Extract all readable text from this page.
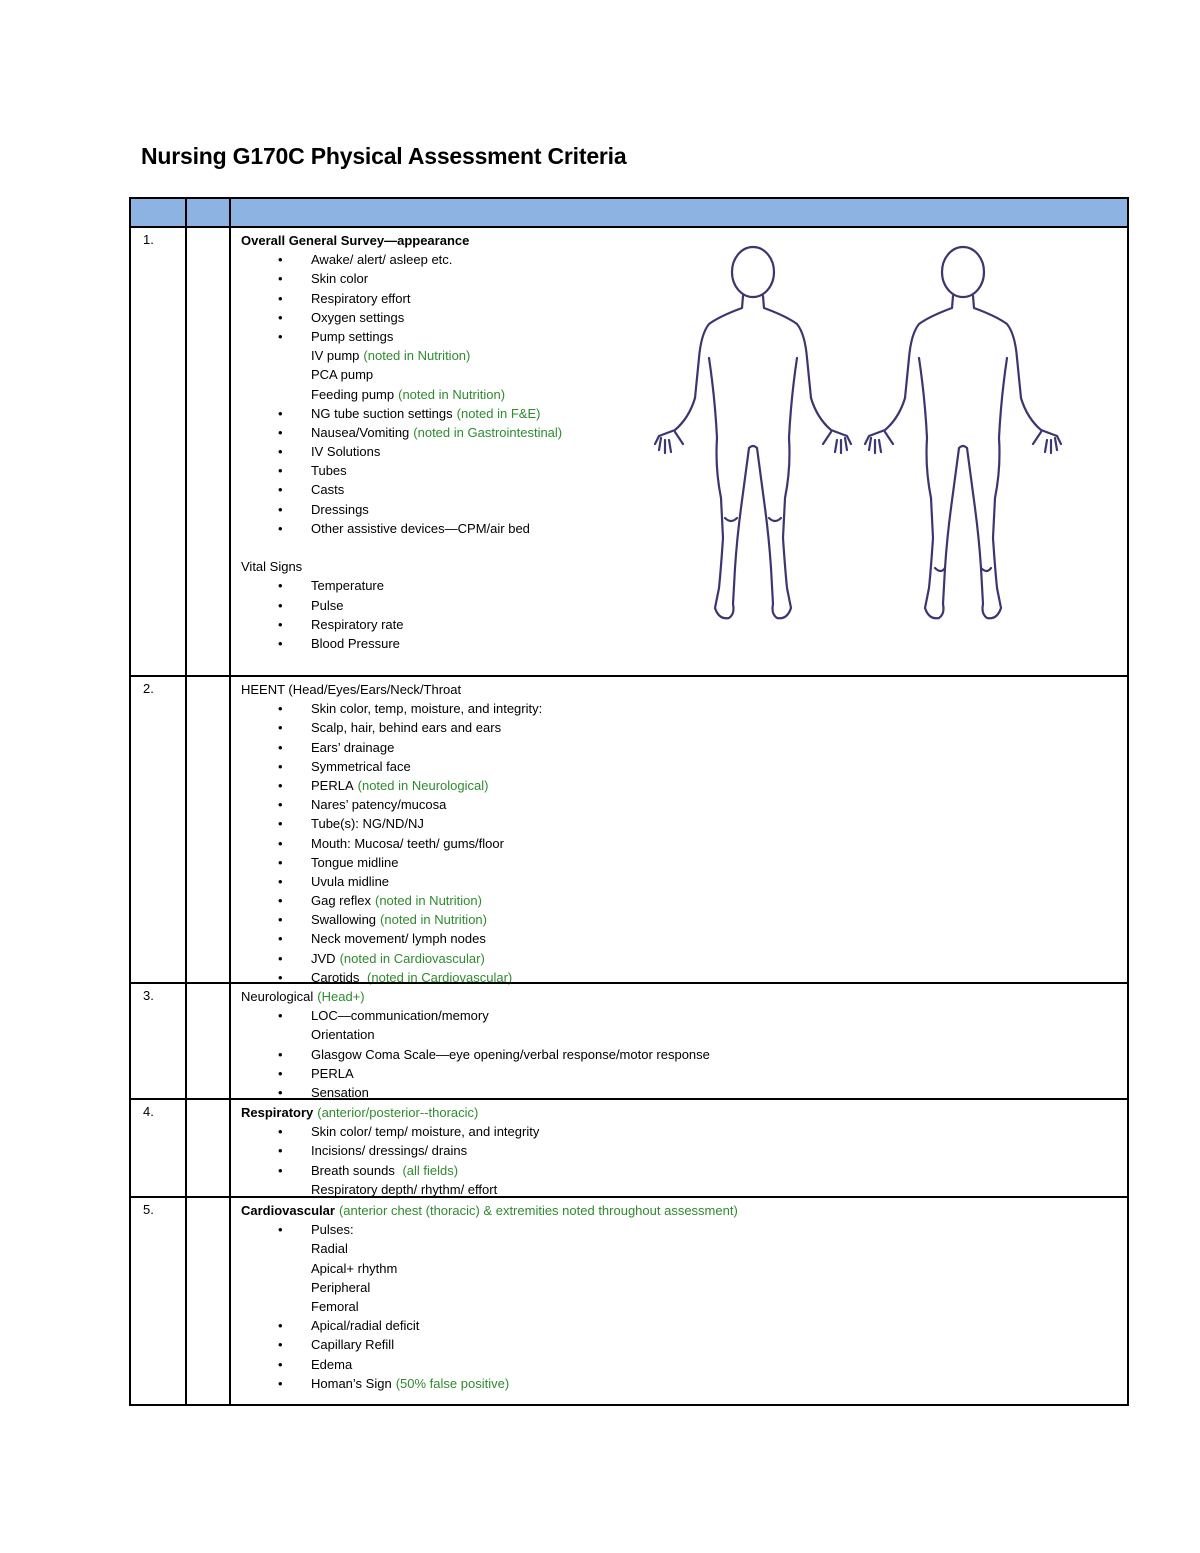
Nursing G170C Physical Assessment Criteria
1.	Overall General Survey—appearance
• Awake/ alert/ asleep etc.
• Skin color
• Respiratory effort
• Oxygen settings
• Pump settings
IV pump (noted in Nutrition)
PCA pump
Feeding pump (noted in Nutrition)
• NG tube suction settings (noted in F&E)
• Nausea/Vomiting (noted in Gastrointestinal)
• IV Solutions
• Tubes
• Casts
• Dressings
• Other assistive devices—CPM/air bed
Vital Signs
• Temperature
• Pulse
• Respiratory rate
• Blood Pressure
2.	HEENT (Head/Eyes/Ears/Neck/Throat
• Skin color, temp, moisture, and integrity:
• Scalp, hair, behind ears and ears
• Ears’ drainage
• Symmetrical face
• PERLA (noted in Neurological)
• Nares’ patency/mucosa
• Tube(s): NG/ND/NJ
• Mouth: Mucosa/ teeth/ gums/floor
• Tongue midline
• Uvula midline
• Gag reflex (noted in Nutrition)
• Swallowing (noted in Nutrition)
• Neck movement/ lymph nodes
• JVD (noted in Cardiovascular)
• Carotids (noted in Cardiovascular)
3.	Neurological (Head+)
• LOC—communication/memory
Orientation
• Glasgow Coma Scale—eye opening/verbal response/motor response
• PERLA
• Sensation
4.	Respiratory (anterior/posterior--thoracic)
• Skin color/ temp/ moisture, and integrity
• Incisions/ dressings/ drains
• Breath sounds (all fields)
Respiratory depth/ rhythm/ effort
5.	Cardiovascular (anterior chest (thoracic) & extremities noted throughout assessment)
• Pulses:
Radial
Apical+ rhythm
Peripheral
Femoral
• Apical/radial deficit
• Capillary Refill
• Edema
• Homan’s Sign (50% false positive)
